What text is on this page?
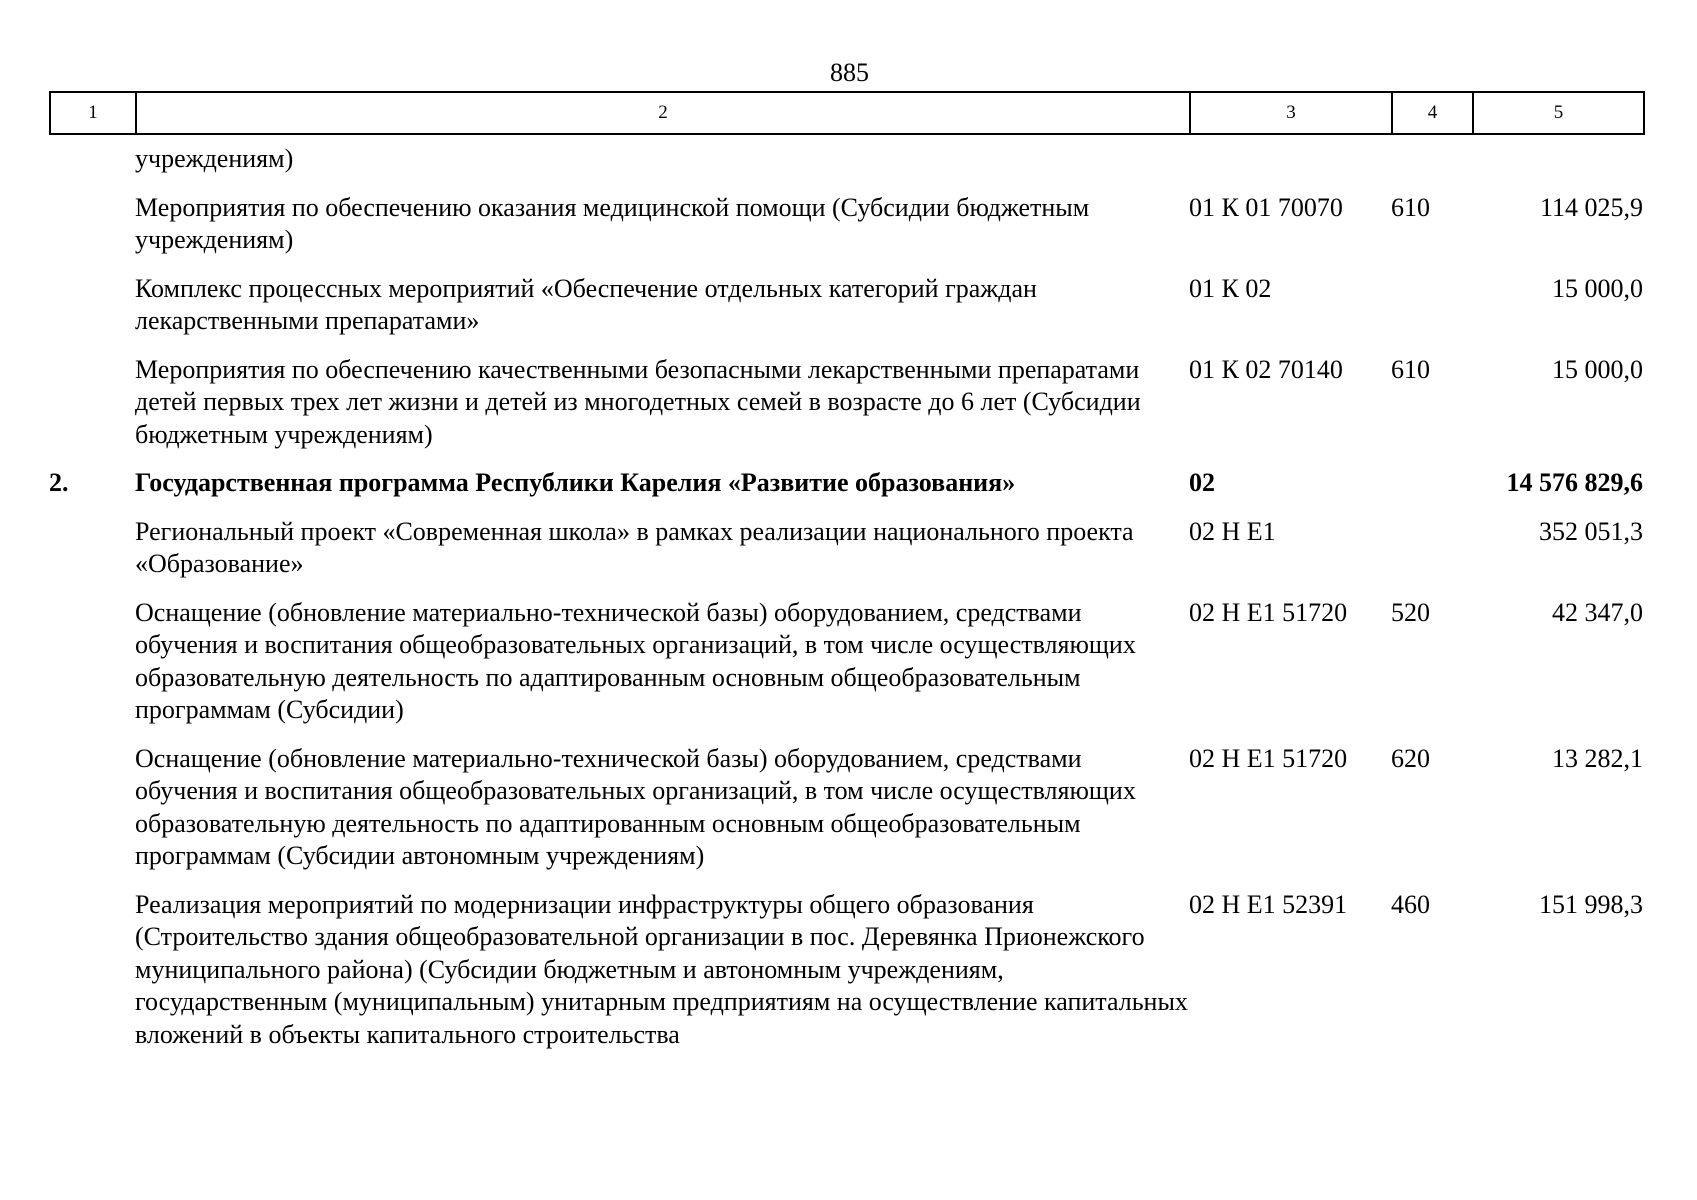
885
1	2	3	4	5
	учреждениям)			
	Мероприятия по обеспечению оказания медицинской помощи (Субсидии бюджетным учреждениям)	01 К 01 70070	610	114 025,9
	Комплекс процессных мероприятий «Обеспечение отдельных категорий граждан лекарственными препаратами»	01 К 02		15 000,0
	Мероприятия по обеспечению качественными безопасными лекарственными препаратами детей первых трех лет жизни и детей из многодетных семей в возрасте до 6 лет (Субсидии бюджетным учреждениям)	01 К 02 70140	610	15 000,0
2.	Государственная программа Республики Карелия «Развитие образования»	02		14 576 829,6
	Региональный проект «Современная школа» в рамках реализации национального проекта «Образование»	02 Н Е1		352 051,3
	Оснащение (обновление материально-технической базы) оборудованием, средствами обучения и воспитания общеобразовательных организаций, в том числе осуществляющих образовательную деятельность по адаптированным основным общеобразовательным программам (Субсидии)	02 Н Е1 51720	520	42 347,0
	Оснащение (обновление материально-технической базы) оборудованием, средствами обучения и воспитания общеобразовательных организаций, в том числе осуществляющих образовательную деятельность по адаптированным основным общеобразовательным программам (Субсидии автономным учреждениям)	02 Н Е1 51720	620	13 282,1
	Реализация мероприятий по модернизации инфраструктуры общего образования (Строительство здания общеобразовательной организации в пос. Деревянка Прионежского муниципального района) (Субсидии бюджетным и автономным учреждениям, государственным (муниципальным) унитарным предприятиям на осуществление капитальных вложений в объекты капитального строительства	02 Н Е1 52391	460	151 998,3
